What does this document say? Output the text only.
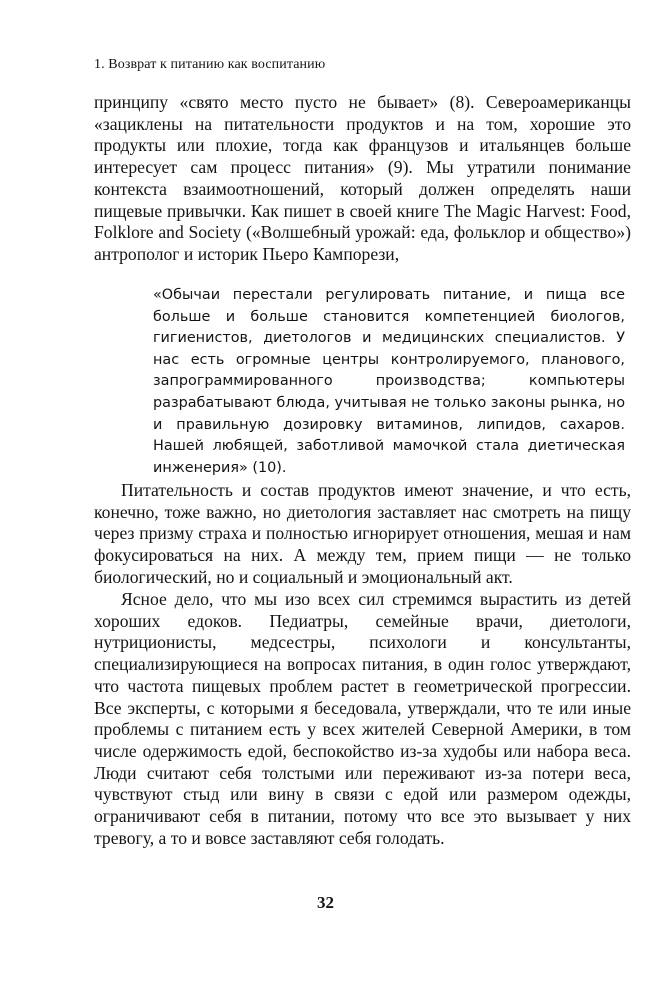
1. Возврат к питанию как воспитанию

принципу «свято место пусто не бывает» (8). Североамериканцы «зациклены на питательности продуктов и на том, хорошие это продукты или плохие, тогда как французов и итальянцев больше интересует сам процесс питания» (9). Мы утратили понимание контекста взаимоотношений, который должен определять наши пищевые привычки. Как пишет в своей книге The Magic Harvest: Food, Folklore and Society («Волшебный урожай: еда, фольклор и общество») антрополог и историк Пьеро Кампорези,

«Обычаи перестали регулировать питание, и пища все больше и больше становится компетенцией биологов, гигиенистов, диетологов и медицинских специалистов. У нас есть огромные центры контролируемого, планового, запрограммированного производства; компьютеры разрабатывают блюда, учитывая не только законы рынка, но и правильную дозировку витаминов, липидов, сахаров. Нашей любящей, заботливой мамочкой стала диетическая инженерия» (10).

Питательность и состав продуктов имеют значение, и что есть, конечно, тоже важно, но диетология заставляет нас смотреть на пищу через призму страха и полностью игнорирует отношения, мешая и нам фокусироваться на них. А между тем, прием пищи — не только биологический, но и социальный и эмоциональный акт.

Ясное дело, что мы изо всех сил стремимся вырастить из детей хороших едоков. Педиатры, семейные врачи, диетологи, нутриционисты, медсестры, психологи и консультанты, специализирующиеся на вопросах питания, в один голос утверждают, что частота пищевых проблем растет в геометрической прогрессии. Все эксперты, с которыми я беседовала, утверждали, что те или иные проблемы с питанием есть у всех жителей Северной Америки, в том числе одержимость едой, беспокойство из-за худобы или набора веса. Люди считают себя толстыми или переживают из-за потери веса, чувствуют стыд или вину в связи с едой или размером одежды, ограничивают себя в питании, потому что все это вызывает у них тревогу, а то и вовсе заставляют себя голодать.

32
